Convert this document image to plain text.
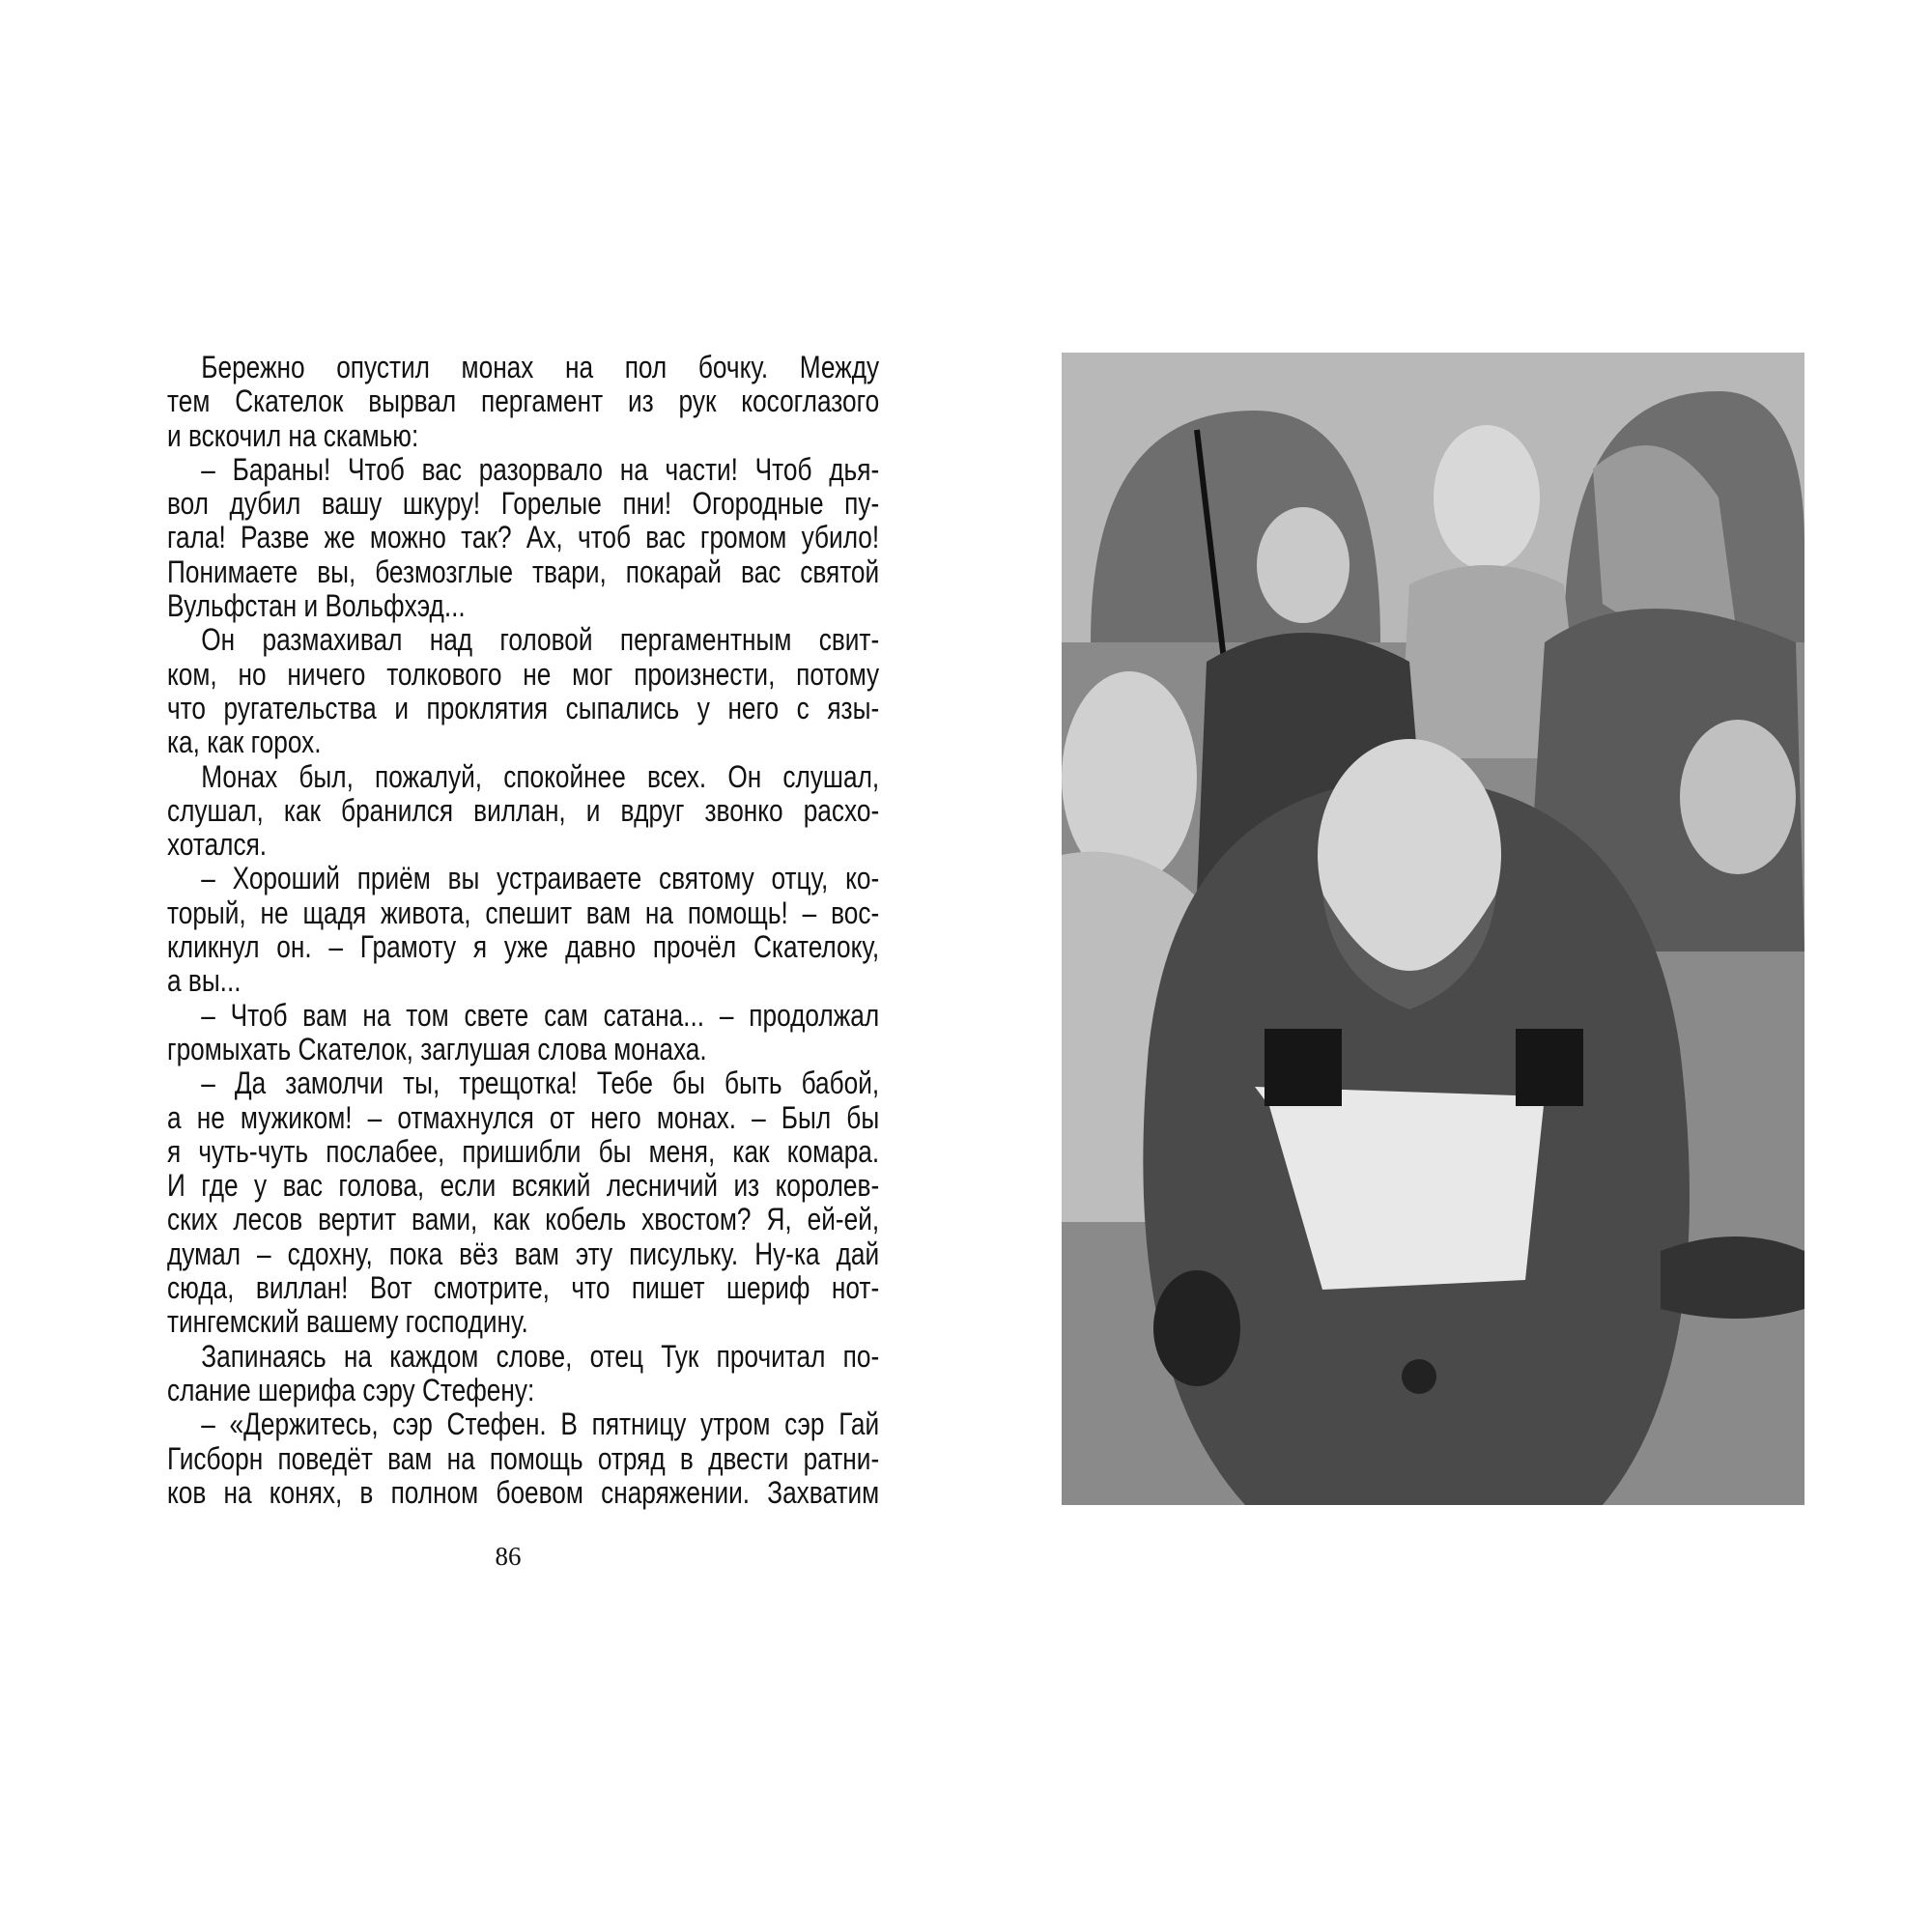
Бережно опустил монах на пол бочку. Между
тем Скателок вырвал пергамент из рук косоглазого
и вскочил на скамью:
– Бараны! Чтоб вас разорвало на части! Чтоб дья-
вол дубил вашу шкуру! Горелые пни! Огородные пу-
гала! Разве же можно так? Ах, чтоб вас громом убило!
Понимаете вы, безмозглые твари, покарай вас святой
Вульфстан и Вольфхэд...
Он размахивал над головой пергаментным свит-
ком, но ничего толкового не мог произнести, потому
что ругательства и проклятия сыпались у него с язы-
ка, как горох.
Монах был, пожалуй, спокойнее всех. Он слушал,
слушал, как бранился виллан, и вдруг звонко расхо-
хотался.
– Хороший приём вы устраиваете святому отцу, ко-
торый, не щадя живота, спешит вам на помощь! – вос-
кликнул он. – Грамоту я уже давно прочёл Скателоку,
а вы...
– Чтоб вам на том свете сам сатана... – продолжал
громыхать Скателок, заглушая слова монаха.
– Да замолчи ты, трещотка! Тебе бы быть бабой,
а не мужиком! – отмахнулся от него монах. – Был бы
я чуть-чуть послабее, пришибли бы меня, как комара.
И где у вас голова, если всякий лесничий из королев-
ских лесов вертит вами, как кобель хвостом? Я, ей-ей,
думал – сдохну, пока вёз вам эту писульку. Ну-ка дай
сюда, виллан! Вот смотрите, что пишет шериф нот-
тингемский вашему господину.
Запинаясь на каждом слове, отец Тук прочитал по-
слание шерифа сэру Стефену:
– «Держитесь, сэр Стефен. В пятницу утром сэр Гай
Гисборн поведёт вам на помощь отряд в двести ратни-
ков на конях, в полном боевом снаряжении. Захватим
86
